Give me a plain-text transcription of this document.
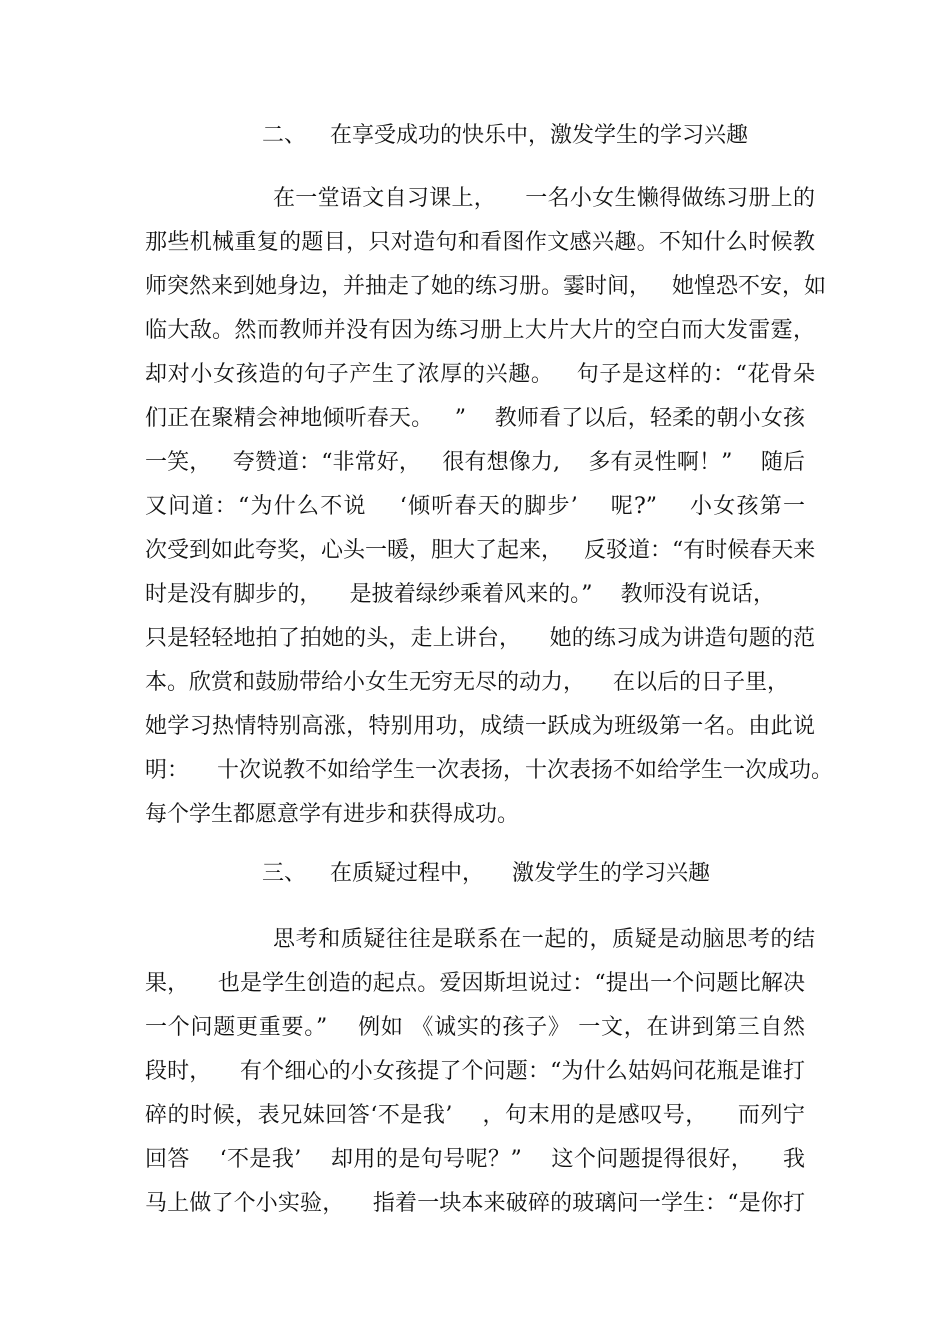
二、

在享受成功的快乐中，激发学生的学习兴趣

在一堂语文自习课上，    一名小女生懒得做练习册上的
那些机械重复的题目，只对造句和看图作文感兴趣。不知什么时候教
师突然来到她身边，并抽走了她的练习册。霎时间，   她惶恐不安，如
临大敌。然而教师并没有因为练习册上大片大片的空白而大发雷霆，
却对小女孩造的句子产生了浓厚的兴趣。   句子是这样的：“花骨朵
们正在聚精会神地倾听春天。   ”    教师看了以后，轻柔的朝小女孩
一笑，   夸赞道：“非常好，   很有想像力,    多有灵性啊！”    随后
又问道：“为什么不说    ‘倾听春天的脚步’    呢?”    小女孩第一
次受到如此夸奖，心头一暖，胆大了起来，   反驳道：“有时候春天来
时是没有脚步的，    是披着绿纱乘着风来的。”    教师没有说话，
只是轻轻地拍了拍她的头，走上讲台，    她的练习成为讲造句题的范
本。欣赏和鼓励带给小女生无穷无尽的动力，    在以后的日子里，
她学习热情特别高涨，特别用功，成绩一跃成为班级第一名。由此说
明：    十次说教不如给学生一次表扬，十次表扬不如给学生一次成功。
每个学生都愿意学有进步和获得成功。

三、

在质疑过程中，    激发学生的学习兴趣

思考和质疑往往是联系在一起的，质疑是动脑思考的结
果，    也是学生创造的起点。爱因斯坦说过：“提出一个问题比解决
一个问题更重要。”    例如 《诚实的孩子》 一文，在讲到第三自然
段时，    有个细心的小女孩提了个问题：“为什么姑妈问花瓶是谁打
碎的时候，表兄妹回答‘不是我’    ，句末用的是感叹号，    而列宁
回答    ‘不是我’    却用的是句号呢？”    这个问题提得很好，    我
马上做了个小实验，    指着一块本来破碎的玻璃问一学生：“是你打
